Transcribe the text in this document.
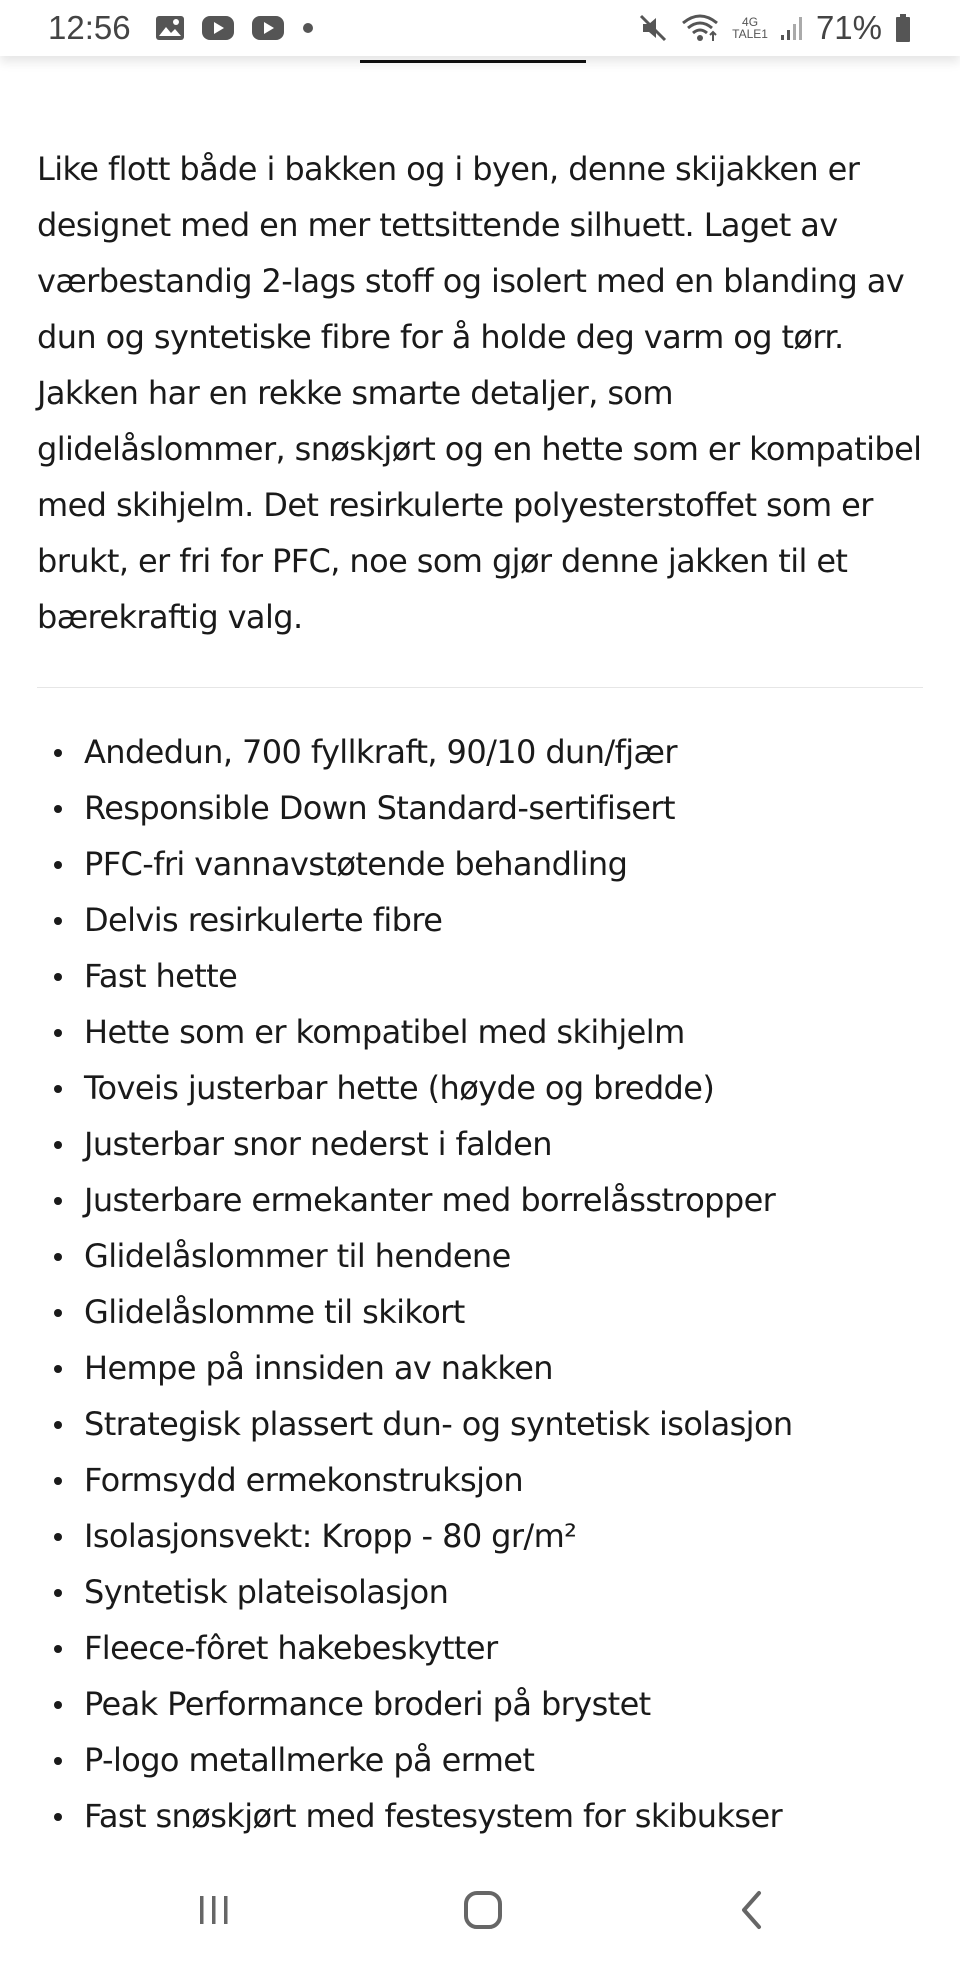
12:56	4G
TALE1 71%

Like flott både i bakken og i byen, denne skijakken er designet med en mer tettsittende silhuett. Laget av værbestandig 2-lags stoff og isolert med en blanding av dun og syntetiske fibre for å holde deg varm og tørr. Jakken har en rekke smarte detaljer, som glidelåslommer, snøskjørt og en hette som er kompatibel med skihjelm. Det resirkulerte polyesterstoffet som er brukt, er fri for PFC, noe som gjør denne jakken til et bærekraftig valg.

Andedun, 700 fyllkraft, 90/10 dun/fjær
Responsible Down Standard-sertifisert
PFC-fri vannavstøtende behandling
Delvis resirkulerte fibre
Fast hette
Hette som er kompatibel med skihjelm
Toveis justerbar hette (høyde og bredde)
Justerbar snor nederst i falden
Justerbare ermekanter med borrelåsstropper
Glidelåslommer til hendene
Glidelåslomme til skikort
Hempe på innsiden av nakken
Strategisk plassert dun- og syntetisk isolasjon
Formsydd ermekonstruksjon
Isolasjonsvekt: Kropp - 80 gr/m²
Syntetisk plateisolasjon
Fleece-fôret hakebeskytter
Peak Performance broderi på brystet
P-logo metallmerke på ermet
Fast snøskjørt med festesystem for skibukser
